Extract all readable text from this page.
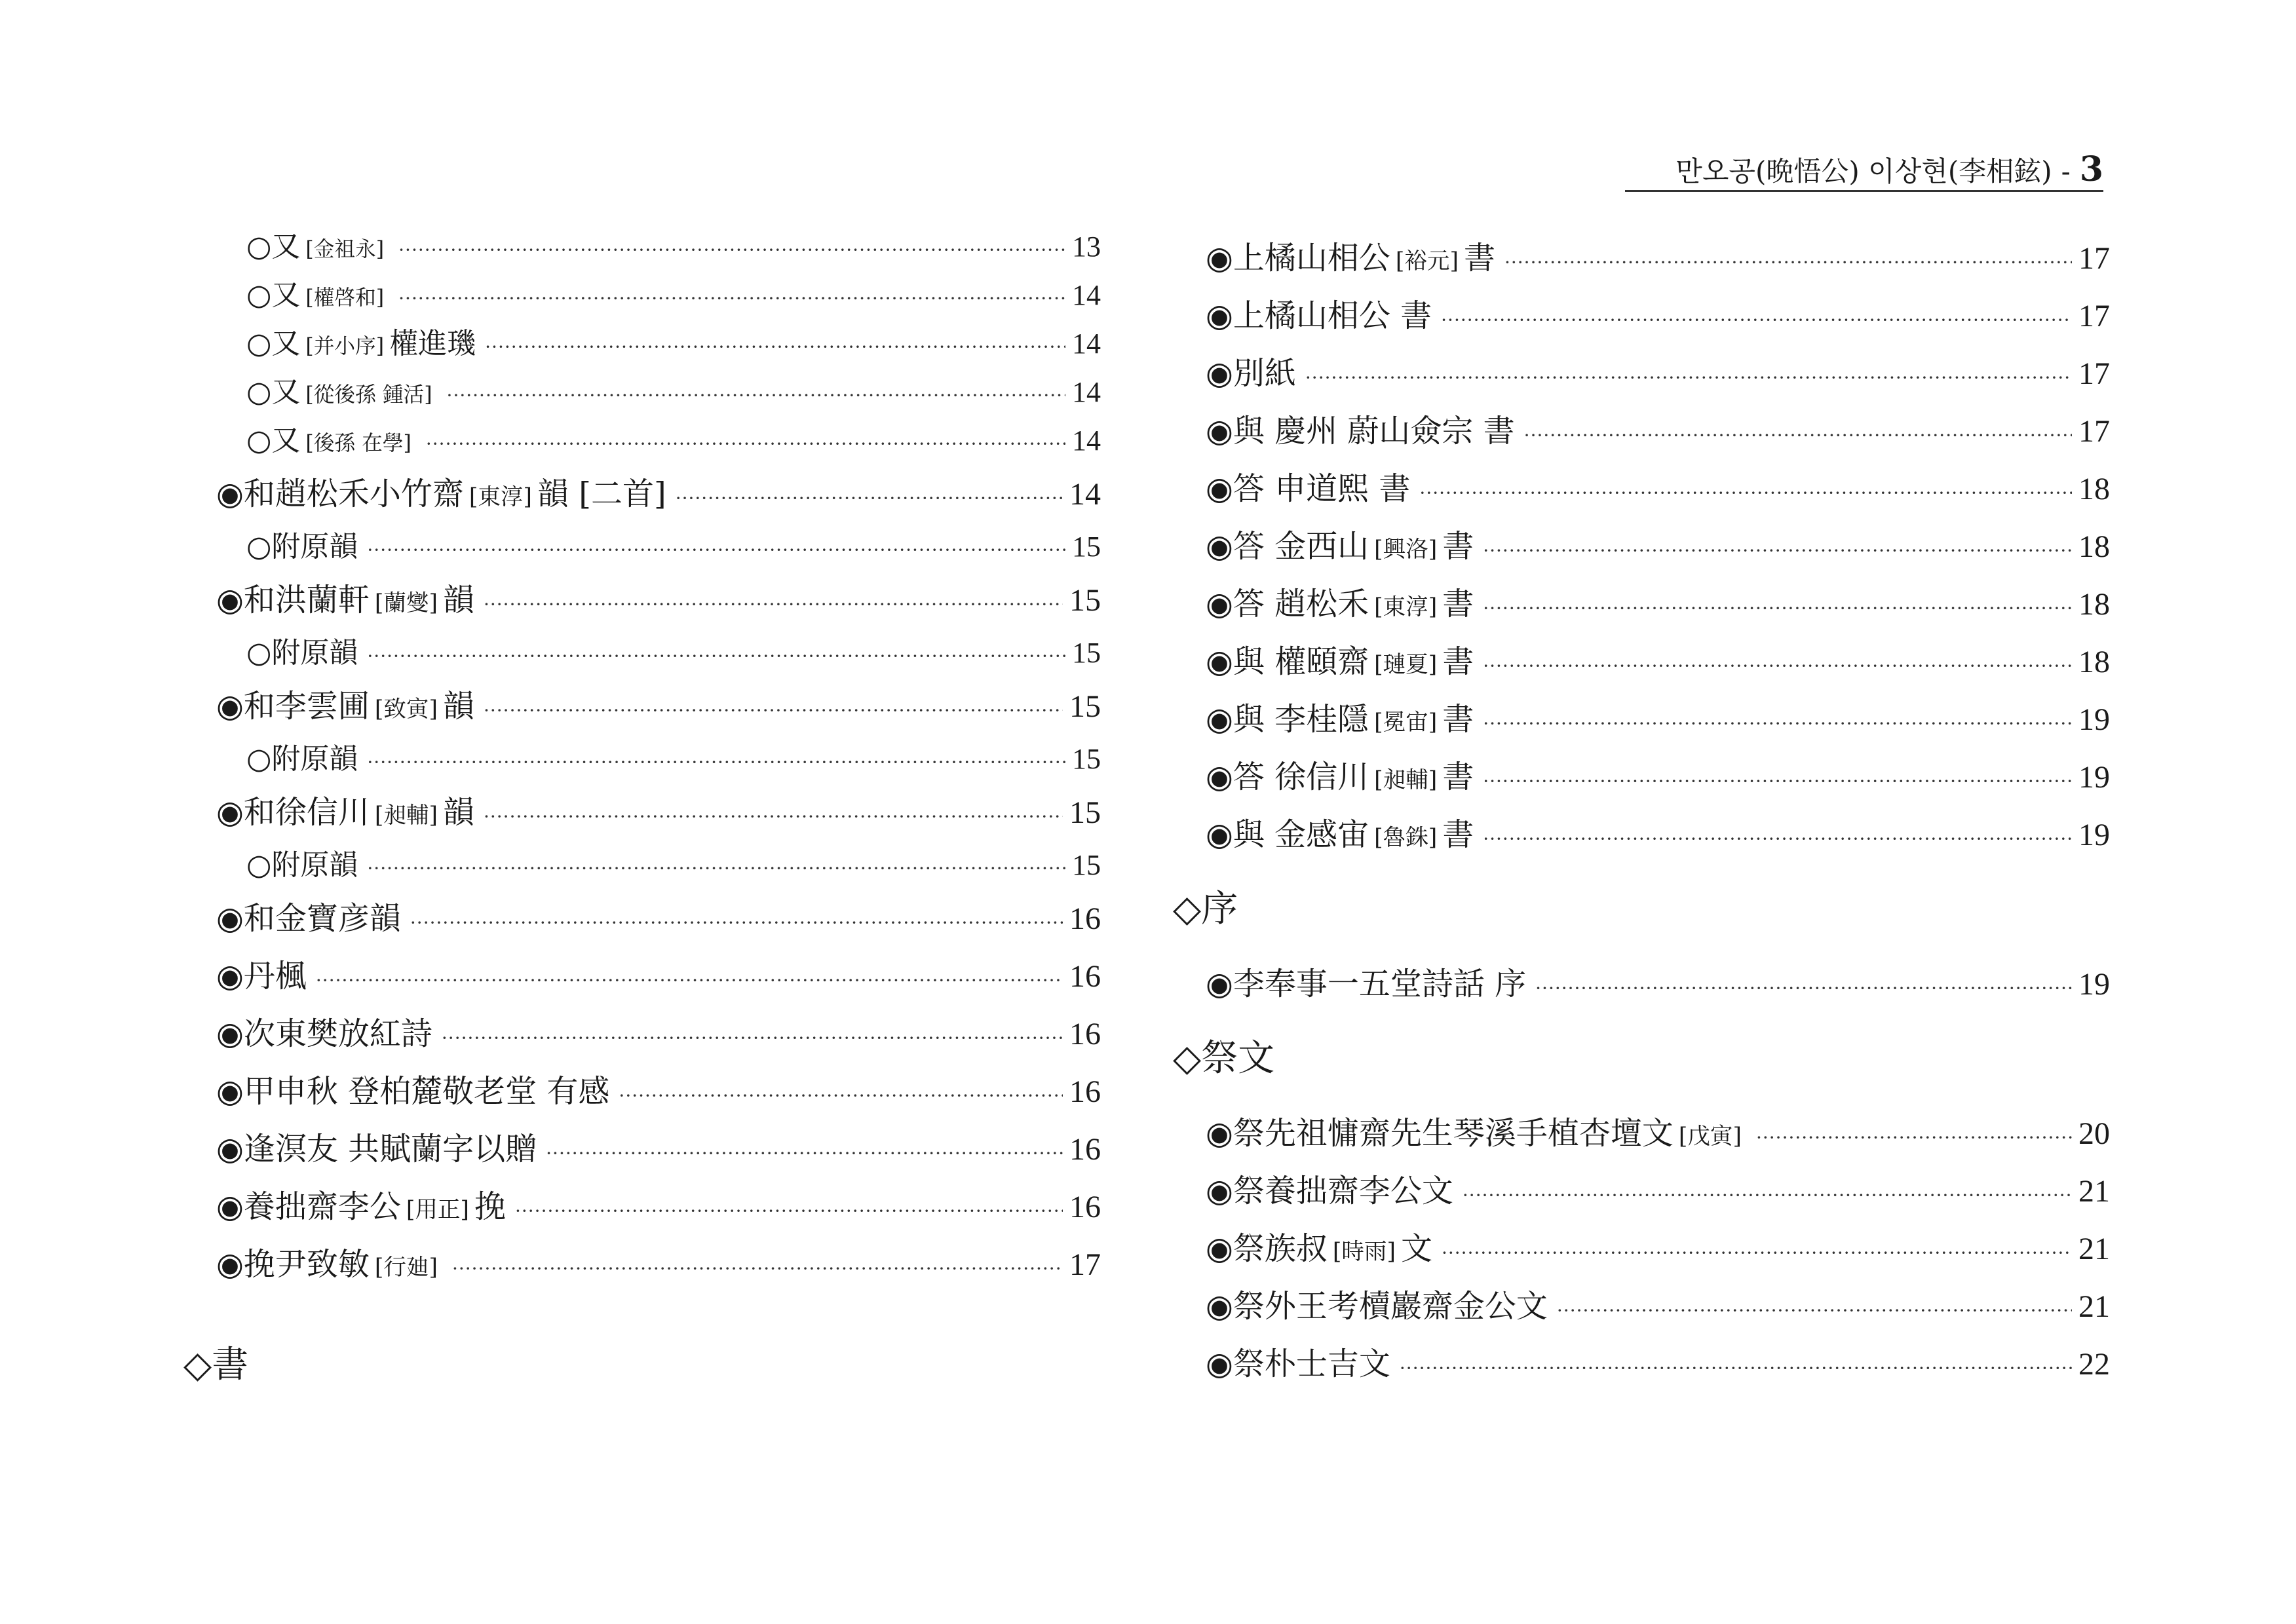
만오공(晩悟公) 이상현(李相鉉) - 3
○ 又 [金祖永] ·····	13
○ 又 [權啓和] ·····	14
○ 又 [并小序] 權進璣 ·····	14
○ 又 [從後孫 鍾活] ·····	14
○ 又 [後孫 在學] ·····	14
◉ 和趙松禾小竹齋 [東淳] 韻 [二首] ·····	14
○ 附原韻 ·····	15
◉ 和洪蘭軒 [蘭燮] 韻 ·····	15
○ 附原韻 ·····	15
◉ 和李雲圃 [致寅] 韻 ·····	15
○ 附原韻 ·····	15
◉ 和徐信川 [昶輔] 韻 ·····	15
○ 附原韻 ·····	15
◉ 和金寶彦韻 ·····	16
◉ 丹楓 ·····	16
◉ 次東樊放紅詩 ·····	16
◉ 甲申秋 登柏麓敬老堂 有感 ·····	16
◉ 逢溟友 共賦蘭字以贈 ·····	16
◉ 養拙齋李公 [用正] 挽 ·····	16
◉ 挽尹致敏 [行廸] ·····	17
◇書
◉ 上橘山相公 [裕元] 書 ·····	17
◉ 上橘山相公 書 ·····	17
◉ 別紙 ·····	17
◉ 與 慶州 蔚山僉宗 書 ·····	17
◉ 答 申道熙 書 ·····	18
◉ 答 金西山 [興洛] 書 ·····	18
◉ 答 趙松禾 [東淳] 書 ·····	18
◉ 與 權頤齋 [璉夏] 書 ·····	18
◉ 與 李桂隱 [冕宙] 書 ·····	19
◉ 答 徐信川 [昶輔] 書 ·····	19
◉ 與 金感宙 [魯銖] 書 ·····	19
◇序
◉ 李奉事一五堂詩話 序 ·····	19
◇祭文
◉ 祭先祖慵齋先生琴溪手植杏壇文 [戊寅] ·····	20
◉ 祭養拙齋李公文 ·····	21
◉ 祭族叔 [時雨] 文 ·····	21
◉ 祭外王考櫝巖齋金公文 ·····	21
◉ 祭朴士吉文 ·····	22
